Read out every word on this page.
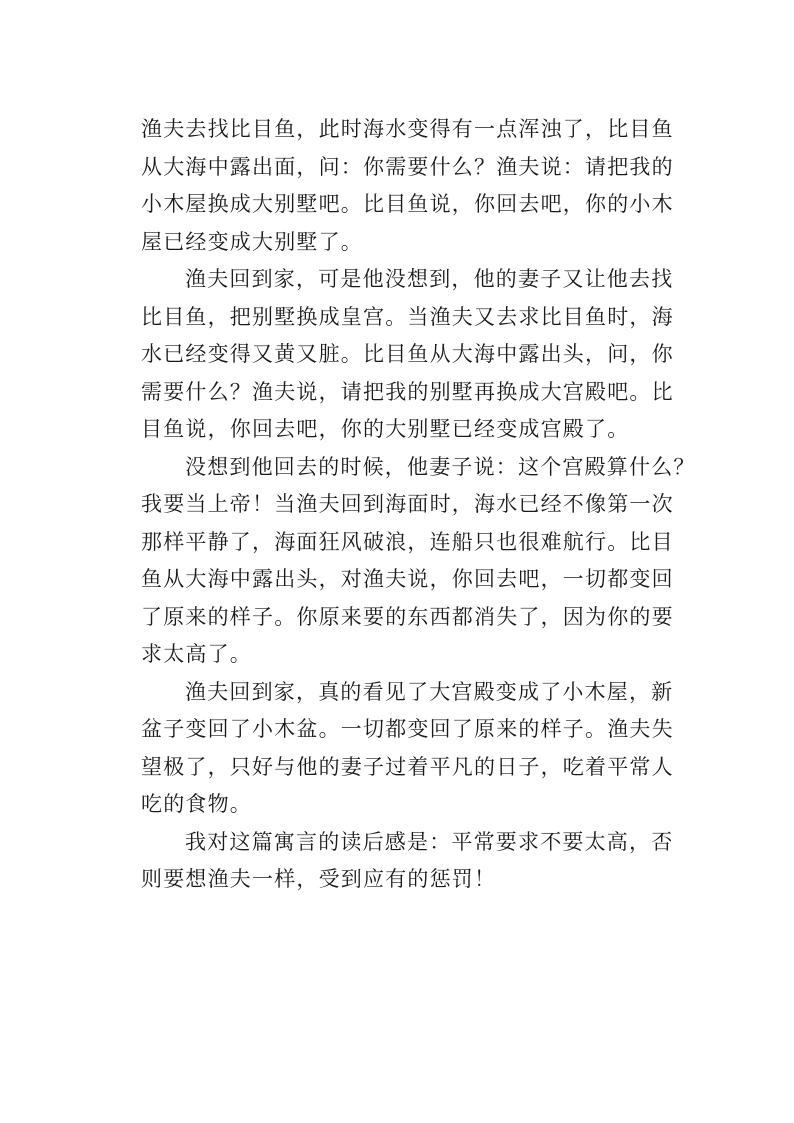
渔夫去找比目鱼，此时海水变得有一点浑浊了，比目鱼
从大海中露出面，问：你需要什么？渔夫说：请把我的
小木屋换成大别墅吧。比目鱼说，你回去吧，你的小木
屋已经变成大别墅了。
渔夫回到家，可是他没想到，他的妻子又让他去找
比目鱼，把别墅换成皇宫。当渔夫又去求比目鱼时，海
水已经变得又黄又脏。比目鱼从大海中露出头，问，你
需要什么？渔夫说，请把我的别墅再换成大宫殿吧。比
目鱼说，你回去吧，你的大别墅已经变成宫殿了。
没想到他回去的时候，他妻子说：这个宫殿算什么？
我要当上帝！当渔夫回到海面时，海水已经不像第一次
那样平静了，海面狂风破浪，连船只也很难航行。比目
鱼从大海中露出头，对渔夫说，你回去吧，一切都变回
了原来的样子。你原来要的东西都消失了，因为你的要
求太高了。
渔夫回到家，真的看见了大宫殿变成了小木屋，新
盆子变回了小木盆。一切都变回了原来的样子。渔夫失
望极了，只好与他的妻子过着平凡的日子，吃着平常人
吃的食物。
我对这篇寓言的读后感是：平常要求不要太高，否
则要想渔夫一样，受到应有的惩罚！
